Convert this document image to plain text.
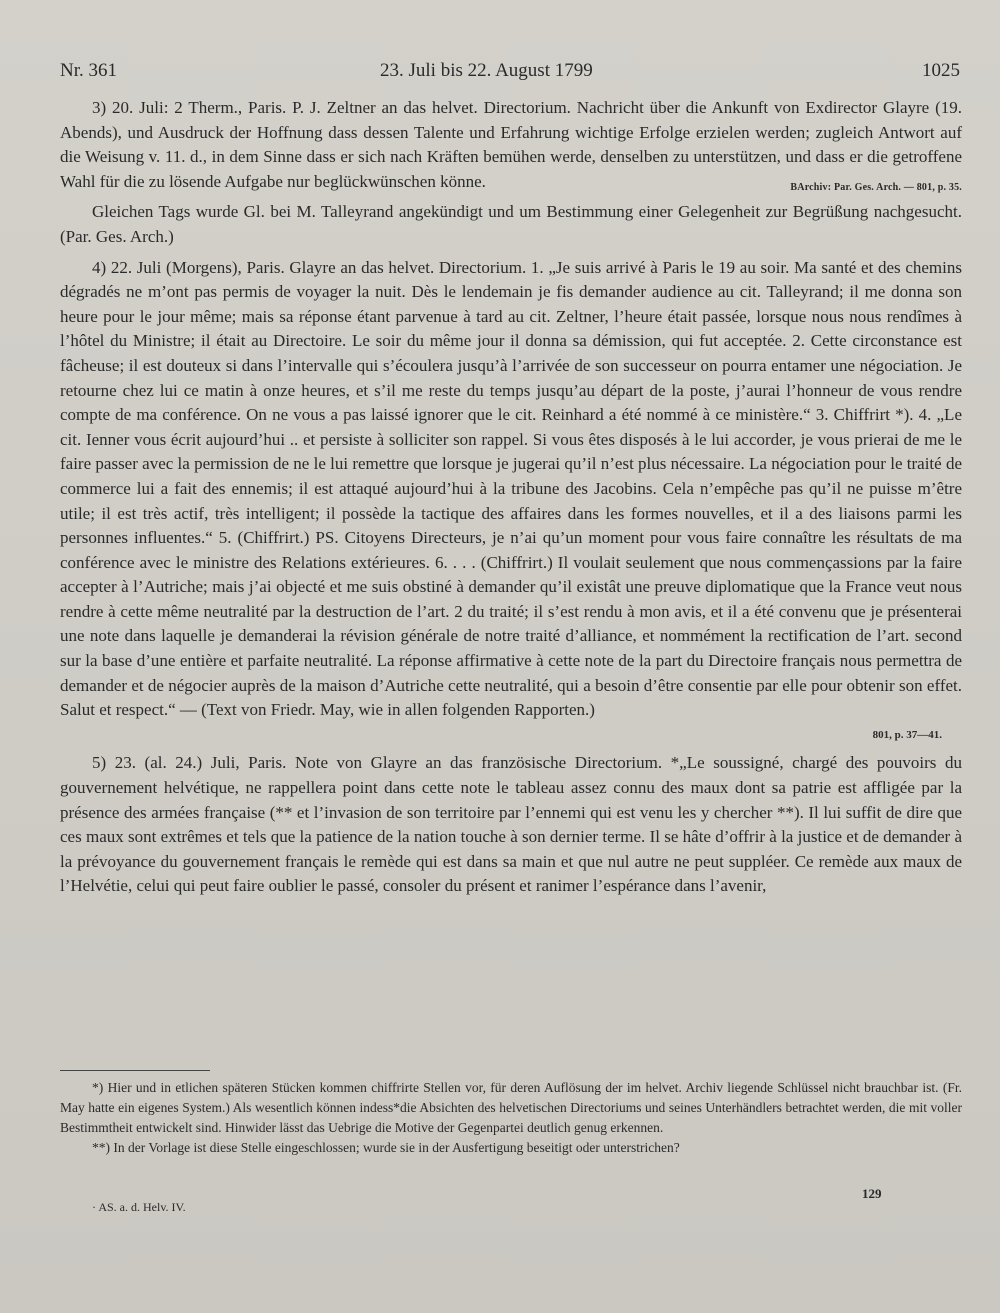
Nr. 361	23. Juli bis 22. August 1799	1025

3) 20. Juli: 2 Therm., Paris. P. J. Zeltner an das helvet. Directorium. Nachricht über die Ankunft von Exdirector Glayre (19. Abends), und Ausdruck der Hoffnung dass dessen Talente und Erfahrung wichtige Erfolge erzielen werden; zugleich Antwort auf die Weisung v. 11. d., in dem Sinne dass er sich nach Kräften bemühen werde, denselben zu unterstützen, und dass er die getroffene Wahl für die zu lösende Aufgabe nur beglückwünschen könne.	BArchiv: Par. Ges. Arch. — 801, p. 35.

Gleichen Tags wurde Gl. bei M. Talleyrand angekündigt und um Bestimmung einer Gelegenheit zur Begrüßung nachgesucht. (Par. Ges. Arch.)

4) 22. Juli (Morgens), Paris. Glayre an das helvet. Directorium. 1. „Je suis arrivé à Paris le 19 au soir. Ma santé et des chemins dégradés ne m’ont pas permis de voyager la nuit. Dès le lendemain je fis demander audience au cit. Talleyrand; il me donna son heure pour le jour même; mais sa réponse étant parvenue à tard au cit. Zeltner, l’heure était passée, lorsque nous nous rendîmes à l’hôtel du Ministre; il était au Directoire. Le soir du même jour il donna sa démission, qui fut acceptée. 2. Cette circonstance est fâcheuse; il est douteux si dans l’intervalle qui s’écoulera jusqu’à l’arrivée de son successeur on pourra entamer une négociation. Je retourne chez lui ce matin à onze heures, et s’il me reste du temps jusqu’au départ de la poste, j’aurai l’honneur de vous rendre compte de ma conférence. On ne vous a pas laissé ignorer que le cit. Reinhard a été nommé à ce ministère.“ 3. Chiffrirt *). 4. „Le cit. Ienner vous écrit aujourd’hui .. et persiste à solliciter son rappel. Si vous êtes disposés à le lui accorder, je vous prierai de me le faire passer avec la permission de ne le lui remettre que lorsque je jugerai qu’il n’est plus nécessaire. La négociation pour le traité de commerce lui a fait des ennemis; il est attaqué aujourd’hui à la tribune des Jacobins. Cela n’empêche pas qu’il ne puisse m’être utile; il est très actif, très intelligent; il possède la tactique des affaires dans les formes nouvelles, et il a des liaisons parmi les personnes influentes.“ 5. (Chiffrirt.) PS. Citoyens Directeurs, je n’ai qu’un moment pour vous faire connaître les résultats de ma conférence avec le ministre des Relations extérieures. 6. . . . (Chiffrirt.) Il voulait seulement que nous commençassions par la faire accepter à l’Autriche; mais j’ai objecté et me suis obstiné à demander qu’il existât une preuve diplomatique que la France veut nous rendre à cette même neutralité par la destruction de l’art. 2 du traité; il s’est rendu à mon avis, et il a été convenu que je présenterai une note dans laquelle je demanderai la révision générale de notre traité d’alliance, et nommément la rectification de l’art. second sur la base d’une entière et parfaite neutralité. La réponse affirmative à cette note de la part du Directoire français nous permettra de demander et de négocier auprès de la maison d’Autriche cette neutralité, qui a besoin d’être consentie par elle pour obtenir son effet. Salut et respect.“ — (Text von Friedr. May, wie in allen folgenden Rapporten.)

801, p. 37—41.

5) 23. (al. 24.) Juli, Paris. Note von Glayre an das französische Directorium. *„Le soussigné, chargé des pouvoirs du gouvernement helvétique, ne rappellera point dans cette note le tableau assez connu des maux dont sa patrie est affligée par la présence des armées française (** et l’invasion de son territoire par l’ennemi qui est venu les y chercher **). Il lui suffit de dire que ces maux sont extrêmes et tels que la patience de la nation touche à son dernier terme. Il se hâte d’offrir à la justice et de demander à la prévoyance du gouvernement français le remède qui est dans sa main et que nul autre ne peut suppléer. Ce remède aux maux de l’Helvétie, celui qui peut faire oublier le passé, consoler du présent et ranimer l’espérance dans l’avenir,

*) Hier und in etlichen späteren Stücken kommen chiffrirte Stellen vor, für deren Auflösung der im helvet. Archiv liegende Schlüssel nicht brauchbar ist. (Fr. May hatte ein eigenes System.) Als wesentlich können indess*die Absichten des helvetischen Directoriums und seines Unterhändlers betrachtet werden, die mit voller Bestimmtheit entwickelt sind. Hinwider lässt das Uebrige die Motive der Gegenpartei deutlich genug erkennen.

**) In der Vorlage ist diese Stelle eingeschlossen; wurde sie in der Ausfertigung beseitigt oder unterstrichen?

· AS. a. d. Helv. IV.
129
